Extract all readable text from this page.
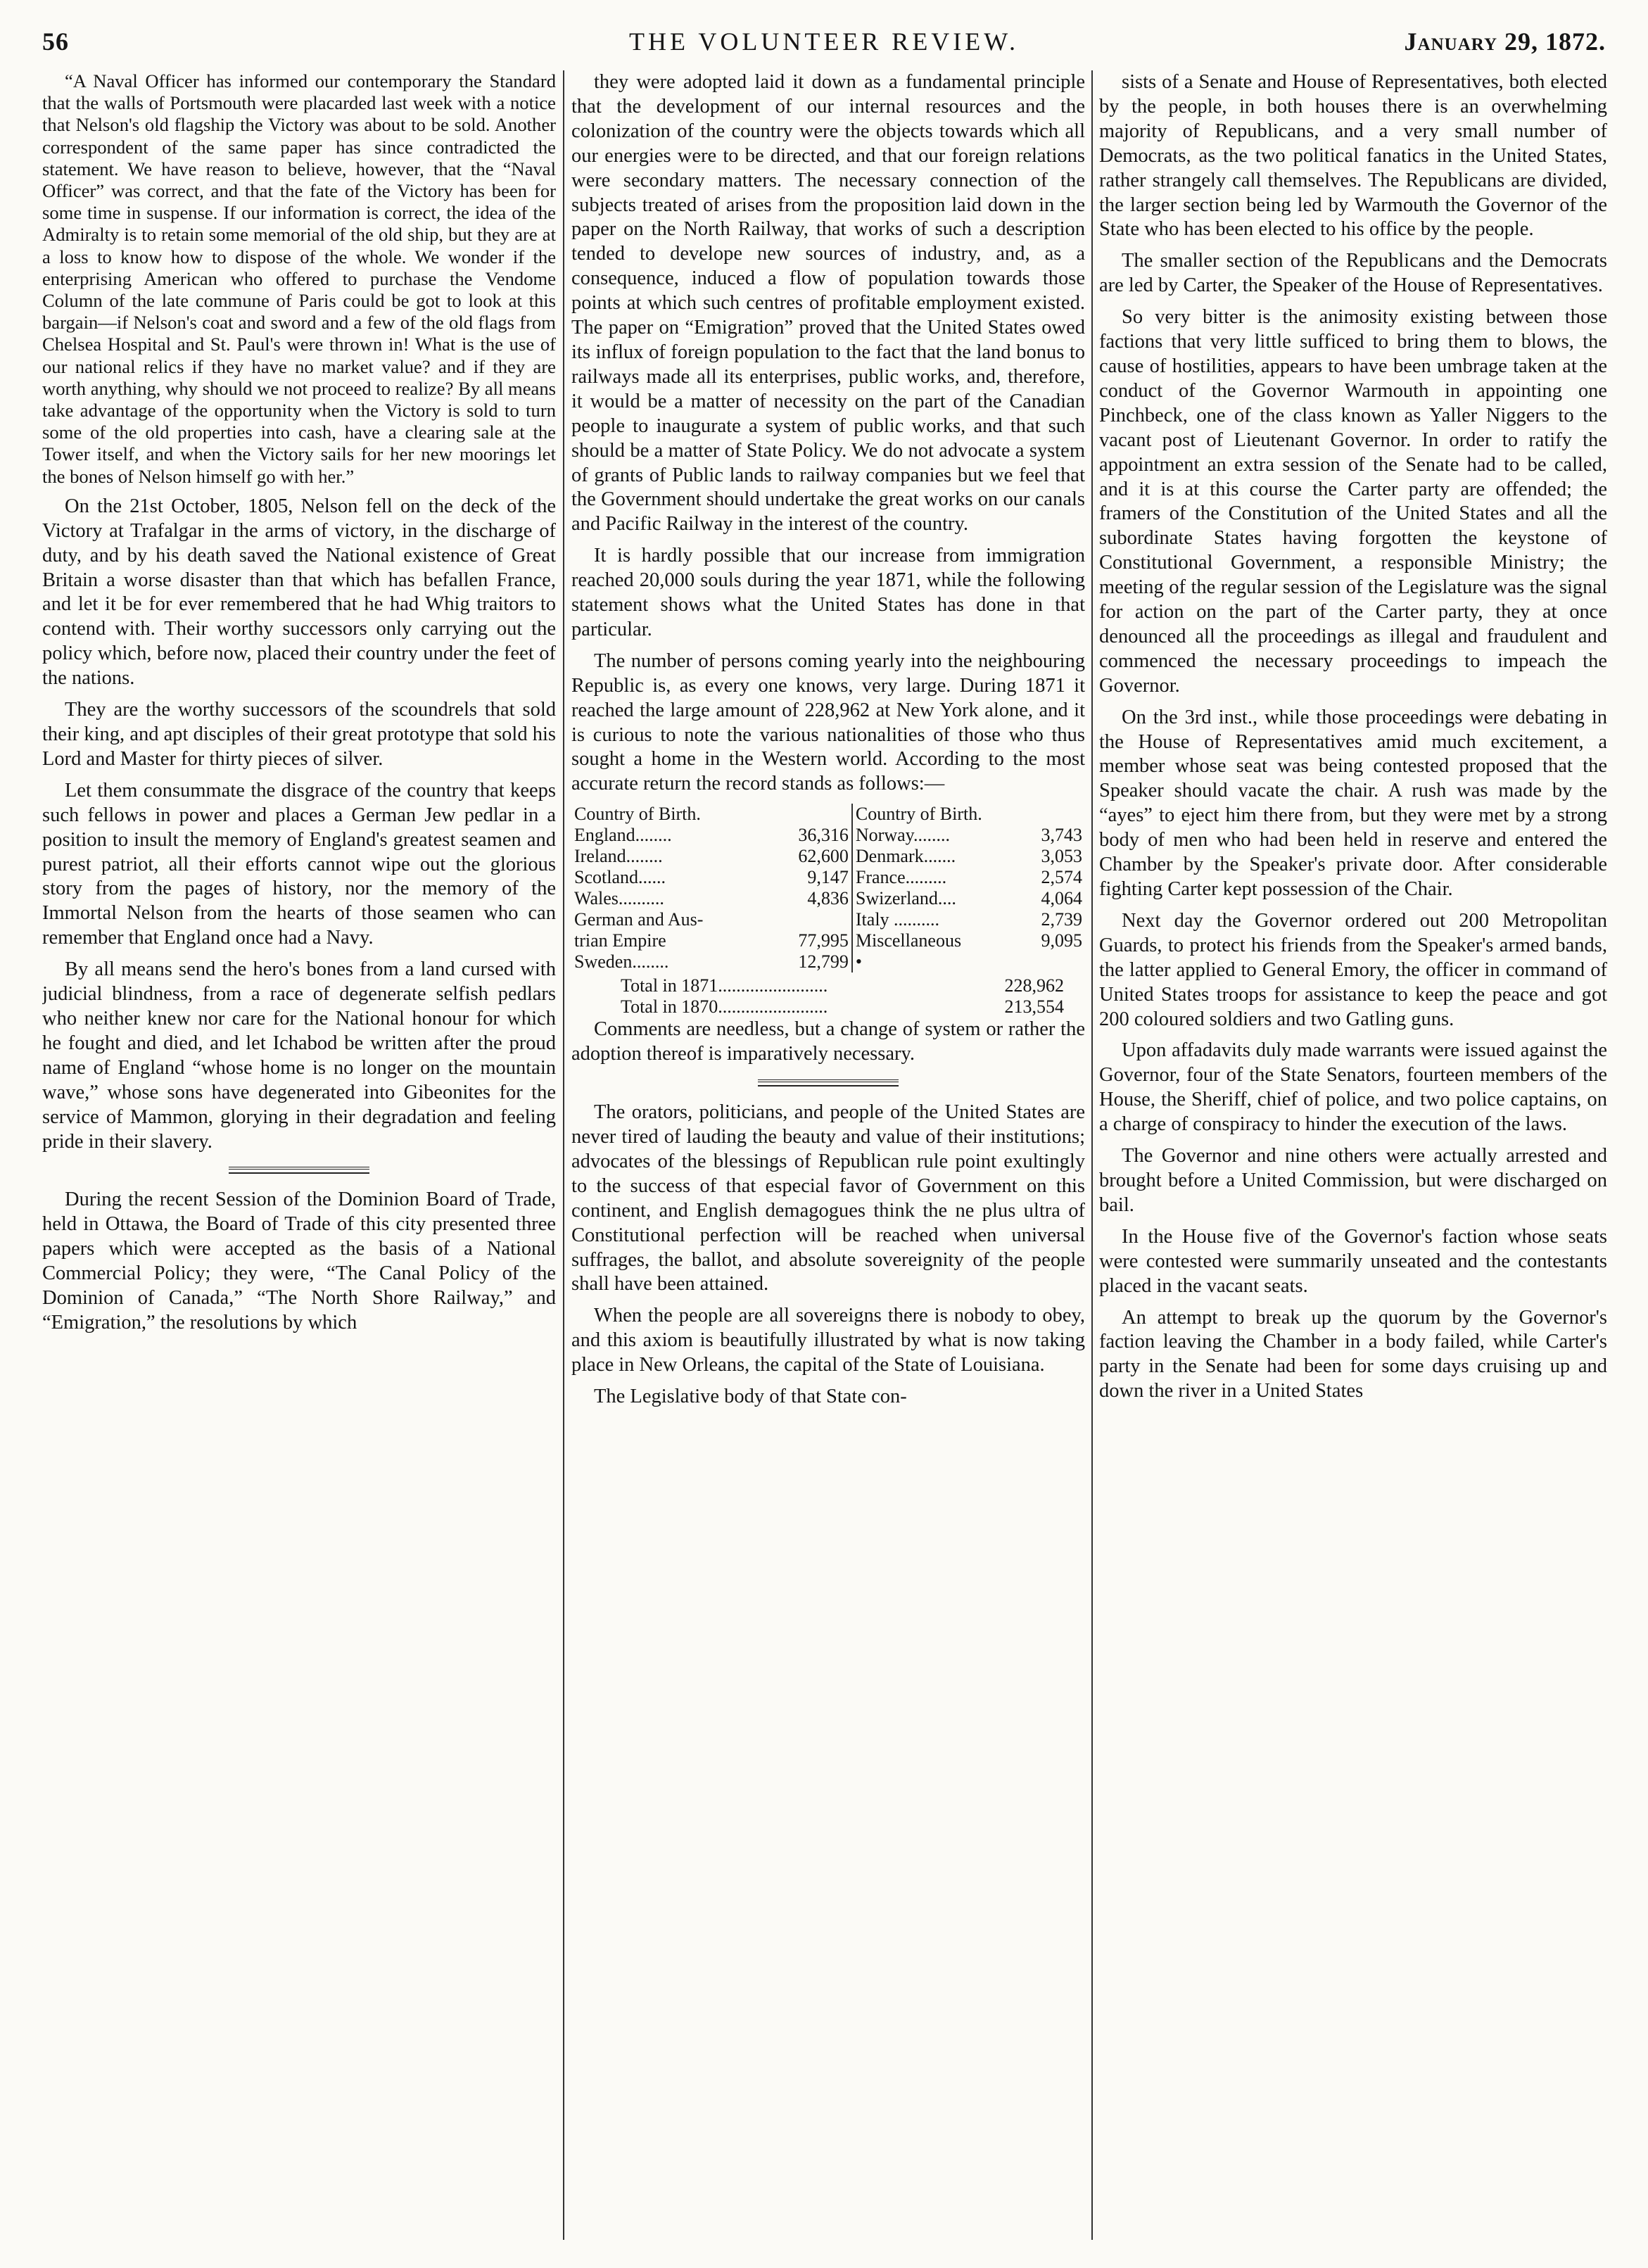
56	THE VOLUNTEER REVIEW.	January 29, 1872.

“A Naval Officer has informed our contemporary the Standard that the walls of Portsmouth were placarded last week with a notice that Nelson's old flagship the Victory was about to be sold. Another correspondent of the same paper has since contradicted the statement. We have reason to believe, however, that the “Naval Officer” was correct, and that the fate of the Victory has been for some time in suspense. If our information is correct, the idea of the Admiralty is to retain some memorial of the old ship, but they are at a loss to know how to dispose of the whole. We wonder if the enterprising American who offered to purchase the Vendome Column of the late commune of Paris could be got to look at this bargain—if Nelson's coat and sword and a few of the old flags from Chelsea Hospital and St. Paul's were thrown in! What is the use of our national relics if they have no market value? and if they are worth anything, why should we not proceed to realize? By all means take advantage of the opportunity when the Victory is sold to turn some of the old properties into cash, have a clearing sale at the Tower itself, and when the Victory sails for her new moorings let the bones of Nelson himself go with her.”

On the 21st October, 1805, Nelson fell on the deck of the Victory at Trafalgar in the arms of victory, in the discharge of duty, and by his death saved the National existence of Great Britain a worse disaster than that which has befallen France, and let it be for ever remembered that he had Whig traitors to contend with. Their worthy successors only carrying out the policy which, before now, placed their country under the feet of the nations.

They are the worthy successors of the scoundrels that sold their king, and apt disciples of their great prototype that sold his Lord and Master for thirty pieces of silver.

Let them consummate the disgrace of the country that keeps such fellows in power and places a German Jew pedlar in a position to insult the memory of England's greatest seamen and purest patriot, all their efforts cannot wipe out the glorious story from the pages of history, nor the memory of the Immortal Nelson from the hearts of those seamen who can remember that England once had a Navy.

By all means send the hero's bones from a land cursed with judicial blindness, from a race of degenerate selfish pedlars who neither knew nor care for the National honour for which he fought and died, and let Ichabod be written after the proud name of England “whose home is no longer on the mountain wave,” whose sons have degenerated into Gibeonites for the service of Mammon, glorying in their degradation and feeling pride in their slavery.

During the recent Session of the Dominion Board of Trade, held in Ottawa, the Board of Trade of this city presented three papers which were accepted as the basis of a National Commercial Policy; they were, “The Canal Policy of the Dominion of Canada,” “The North Shore Railway,” and “Emigration,” the resolutions by which

they were adopted laid it down as a fundamental principle that the development of our internal resources and the colonization of the country were the objects towards which all our energies were to be directed, and that our foreign relations were secondary matters. The necessary connection of the subjects treated of arises from the proposition laid down in the paper on the North Railway, that works of such a description tended to develope new sources of industry, and, as a consequence, induced a flow of population towards those points at which such centres of profitable employment existed. The paper on “Emigration” proved that the United States owed its influx of foreign population to the fact that the land bonus to railways made all its enterprises, public works, and, therefore, it would be a matter of necessity on the part of the Canadian people to inaugurate a system of public works, and that such should be a matter of State Policy. We do not advocate a system of grants of Public lands to railway companies but we feel that the Government should undertake the great works on our canals and Pacific Railway in the interest of the country.

It is hardly possible that our increase from immigration reached 20,000 souls during the year 1871, while the following statement shows what the United States has done in that particular.

The number of persons coming yearly into the neighbouring Republic is, as every one knows, very large. During 1871 it reached the large amount of 228,962 at New York alone, and it is curious to note the various nationalities of those who thus sought a home in the Western world. According to the most accurate return the record stands as follows:—

Country of Birth.		Country of Birth.	
England........	36,316	Norway........	3,743
Ireland........	62,600	Denmark.......	3,053
Scotland......	9,147	France.........	2,574
Wales..........	4,836	Swizerland....	4,064
German and Aus-		Italy ..........	2,739
trian Empire	77,995	Miscellaneous	9,095
Sweden........	12,799	•	
Total in 1871........................	228,962
Total in 1870........................	213,554

Comments are needless, but a change of system or rather the adoption thereof is imparatively necessary.

The orators, politicians, and people of the United States are never tired of lauding the beauty and value of their institutions; advocates of the blessings of Republican rule point exultingly to the success of that especial favor of Government on this continent, and English demagogues think the ne plus ultra of Constitutional perfection will be reached when universal suffrages, the ballot, and absolute sovereignity of the people shall have been attained.

When the people are all sovereigns there is nobody to obey, and this axiom is beautifully illustrated by what is now taking place in New Orleans, the capital of the State of Louisiana.

The Legislative body of that State con-

sists of a Senate and House of Representatives, both elected by the people, in both houses there is an overwhelming majority of Republicans, and a very small number of Democrats, as the two political fanatics in the United States, rather strangely call themselves. The Republicans are divided, the larger section being led by Warmouth the Governor of the State who has been elected to his office by the people.

The smaller section of the Republicans and the Democrats are led by Carter, the Speaker of the House of Representatives.

So very bitter is the animosity existing between those factions that very little sufficed to bring them to blows, the cause of hostilities, appears to have been umbrage taken at the conduct of the Governor Warmouth in appointing one Pinchbeck, one of the class known as Yaller Niggers to the vacant post of Lieutenant Governor. In order to ratify the appointment an extra session of the Senate had to be called, and it is at this course the Carter party are offended; the framers of the Constitution of the United States and all the subordinate States having forgotten the keystone of Constitutional Government, a responsible Ministry; the meeting of the regular session of the Legislature was the signal for action on the part of the Carter party, they at once denounced all the proceedings as illegal and fraudulent and commenced the necessary proceedings to impeach the Governor.

On the 3rd inst., while those proceedings were debating in the House of Representatives amid much excitement, a member whose seat was being contested proposed that the Speaker should vacate the chair. A rush was made by the “ayes” to eject him there from, but they were met by a strong body of men who had been held in reserve and entered the Chamber by the Speaker's private door. After considerable fighting Carter kept possession of the Chair.

Next day the Governor ordered out 200 Metropolitan Guards, to protect his friends from the Speaker's armed bands, the latter applied to General Emory, the officer in command of United States troops for assistance to keep the peace and got 200 coloured soldiers and two Gatling guns.

Upon affadavits duly made warrants were issued against the Governor, four of the State Senators, fourteen members of the House, the Sheriff, chief of police, and two police captains, on a charge of conspiracy to hinder the execution of the laws.

The Governor and nine others were actually arrested and brought before a United Commission, but were discharged on bail.

In the House five of the Governor's faction whose seats were contested were summarily unseated and the contestants placed in the vacant seats.

An attempt to break up the quorum by the Governor's faction leaving the Chamber in a body failed, while Carter's party in the Senate had been for some days cruising up and down the river in a United States
